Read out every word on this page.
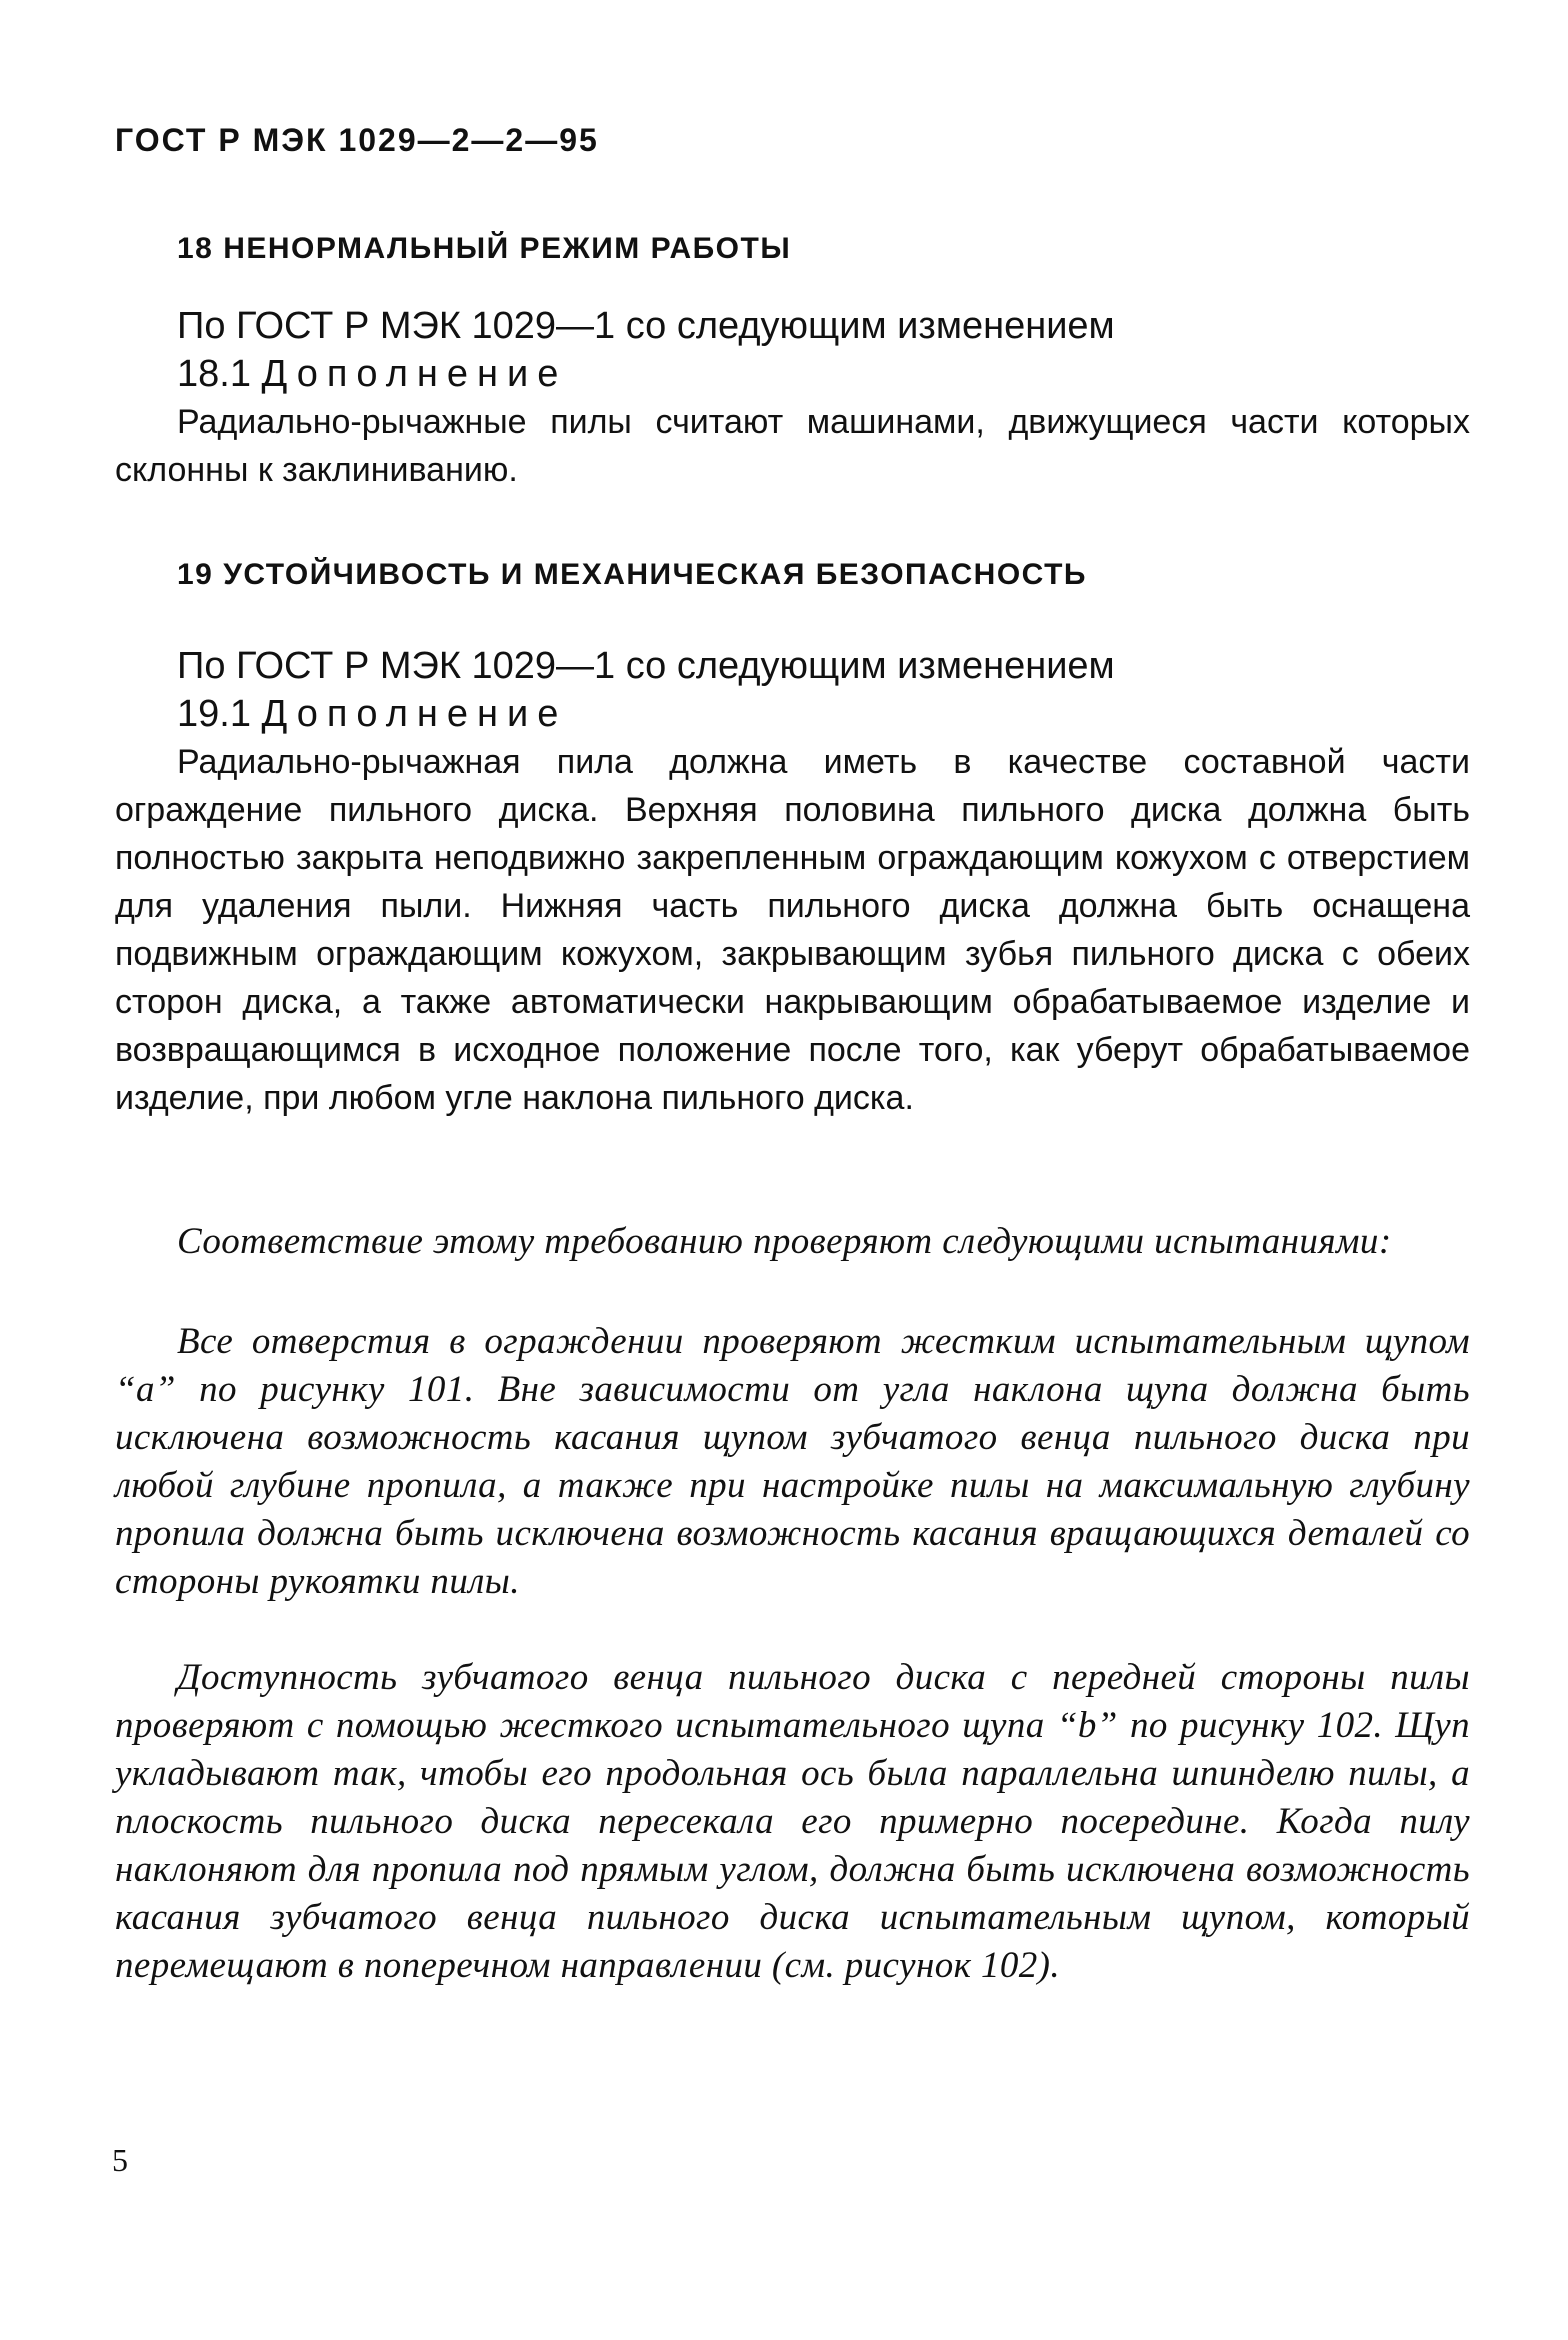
ГОСТ Р МЭК 1029—2—2—95

18 НЕНОРМАЛЬНЫЙ РЕЖИМ РАБОТЫ

По ГОСТ Р МЭК 1029—1 со следующим изменением

18.1 Дополнение

Радиально-рычажные пилы считают машинами, движущиеся части которых склонны к заклиниванию.

19 УСТОЙЧИВОСТЬ И МЕХАНИЧЕСКАЯ БЕЗОПАСНОСТЬ

По ГОСТ Р МЭК 1029—1 со следующим изменением

19.1 Дополнение

Радиально-рычажная пила должна иметь в качестве составной части ограждение пильного диска. Верхняя половина пильного диска должна быть полностью закрыта неподвижно закрепленным ограждающим кожухом с отверстием для удаления пыли. Нижняя часть пильного диска должна быть оснащена подвижным ограждающим кожухом, закрывающим зубья пильного диска с обеих сторон диска, а также автоматически накрывающим обрабатываемое изделие и возвращающимся в исходное положение после того, как уберут обрабатываемое изделие, при любом угле наклона пильного диска.

Соответствие этому требованию проверяют следующими испытаниями:

Все отверстия в ограждении проверяют жестким испытательным щупом “a” по рисунку 101. Вне зависимости от угла наклона щупа должна быть исключена возможность касания щупом зубчатого венца пильного диска при любой глубине пропила, а также при настройке пилы на максимальную глубину пропила должна быть исключена возможность касания вращающихся деталей со стороны рукоятки пилы.

Доступность зубчатого венца пильного диска с передней стороны пилы проверяют с помощью жесткого испытательного щупа “b” по рисунку 102. Щуп укладывают так, чтобы его продольная ось была параллельна шпинделю пилы, а плоскость пильного диска пересекала его примерно посередине. Когда пилу наклоняют для пропила под прямым углом, должна быть исключена возможность касания зубчатого венца пильного диска испытательным щупом, который перемещают в поперечном направлении (см. рисунок 102).

5
